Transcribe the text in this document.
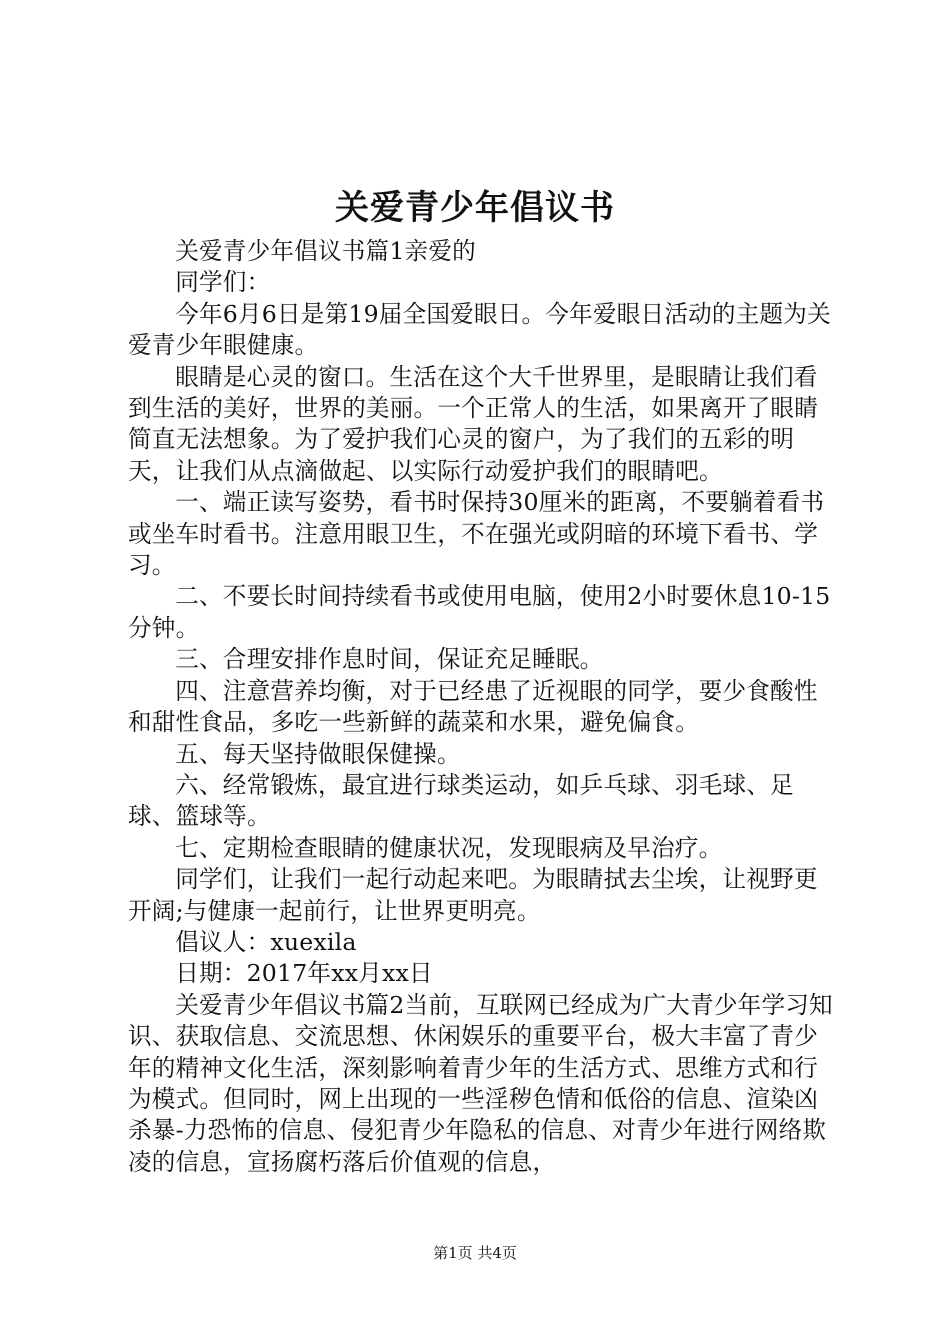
关爱青少年倡议书

关爱青少年倡议书篇1亲爱的

同学们：

今年6月6日是第19届全国爱眼日。今年爱眼日活动的主题为关爱青少年眼健康。

眼睛是心灵的窗口。生活在这个大千世界里，是眼睛让我们看到生活的美好，世界的美丽。一个正常人的生活，如果离开了眼睛简直无法想象。为了爱护我们心灵的窗户，为了我们的五彩的明天，让我们从点滴做起、以实际行动爱护我们的眼睛吧。

一、端正读写姿势，看书时保持30厘米的距离，不要躺着看书或坐车时看书。注意用眼卫生，不在强光或阴暗的环境下看书、学习。

二、不要长时间持续看书或使用电脑，使用2小时要休息10-15分钟。

三、合理安排作息时间，保证充足睡眠。

四、注意营养均衡，对于已经患了近视眼的同学，要少食酸性和甜性食品，多吃一些新鲜的蔬菜和水果，避免偏食。

五、每天坚持做眼保健操。

六、经常锻炼，最宜进行球类运动，如乒乓球、羽毛球、足球、篮球等。

七、定期检查眼睛的健康状况，发现眼病及早治疗。

同学们，让我们一起行动起来吧。为眼睛拭去尘埃，让视野更开阔;与健康一起前行，让世界更明亮。

倡议人：xuexila

日期：2017年xx月xx日

关爱青少年倡议书篇2当前，互联网已经成为广大青少年学习知识、获取信息、交流思想、休闲娱乐的重要平台，极大丰富了青少年的精神文化生活，深刻影响着青少年的生活方式、思维方式和行为模式。但同时，网上出现的一些淫秽色情和低俗的信息、渲染凶杀暴-力恐怖的信息、侵犯青少年隐私的信息、对青少年进行网络欺凌的信息，宣扬腐朽落后价值观的信息，

第1页 共4页
